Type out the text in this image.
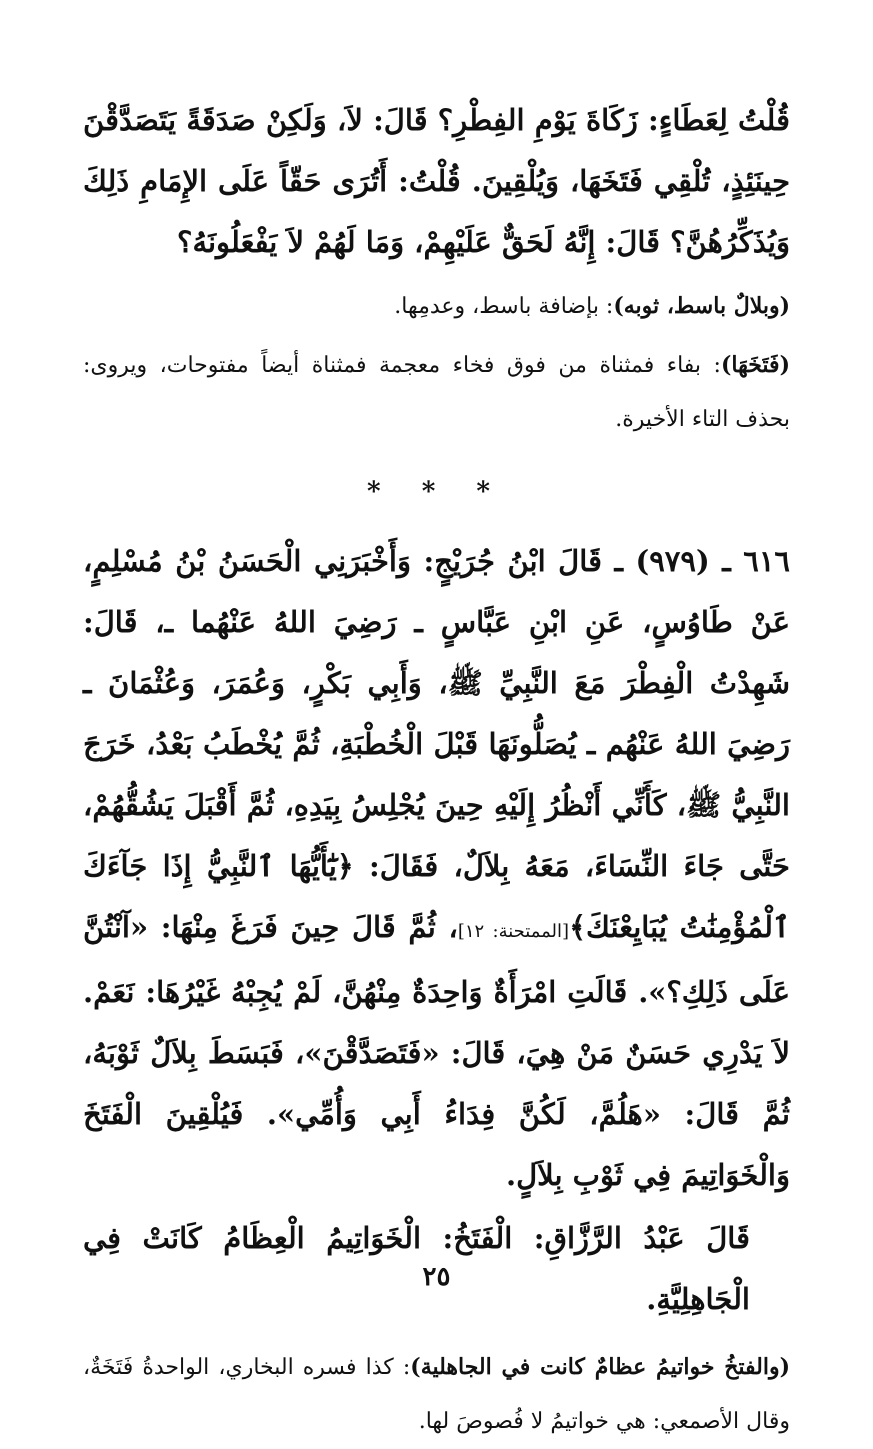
قُلْتُ لِعَطَاءٍ: زَكَاةَ يَوْمِ الفِطْرِ؟ قَالَ: لاَ، وَلَكِنْ صَدَقَةً يَتَصَدَّقْنَ حِينَئِذٍ، تُلْقِي فَتَخَهَا، وَيُلْقِينَ. قُلْتُ: أَتُرَى حَقّاً عَلَى الإِمَامِ ذَلِكَ وَيُذَكِّرُهُنَّ؟ قَالَ: إِنَّهُ لَحَقٌّ عَلَيْهِمْ، وَمَا لَهُمْ لاَ يَفْعَلُونَهُ؟

(وبلالٌ باسط، ثوبه): بإضافة باسط، وعدمِها.

(فَتَخَهَا): بفاء فمثناة من فوق فخاء معجمة فمثناة أيضاً مفتوحات، ويروى: بحذف التاء الأخيرة.

* * *

٦١٦ ـ (٩٧٩) ـ قَالَ ابْنُ جُرَيْجٍ: وَأَخْبَرَنِي الْحَسَنُ بْنُ مُسْلِمٍ، عَنْ طَاوُسٍ، عَنِ ابْنِ عَبَّاسٍ ـ رَضِيَ اللهُ عَنْهُما ـ، قَالَ: شَهِدْتُ الْفِطْرَ مَعَ النَّبِيِّ ﷺ، وَأَبِي بَكْرٍ، وَعُمَرَ، وَعُثْمَانَ ـ رَضِيَ اللهُ عَنْهُم ـ يُصَلُّونَهَا قَبْلَ الْخُطْبَةِ، ثُمَّ يُخْطَبُ بَعْدُ، خَرَجَ النَّبِيُّ ﷺ، كَأَنِّي أَنْظُرُ إِلَيْهِ حِينَ يُجْلِسُ بِيَدِهِ، ثُمَّ أَقْبَلَ يَشُقُّهُمْ، حَتَّى جَاءَ النِّسَاءَ، مَعَهُ بِلاَلٌ، فَقَالَ: ﴿يَٰٓأَيُّهَا ٱلنَّبِيُّ إِذَا جَآءَكَ ٱلْمُؤْمِنَٰتُ يُبَايِعْنَكَ﴾[الممتحنة: ١٢]، ثُمَّ قَالَ حِينَ فَرَغَ مِنْهَا: «آنْتُنَّ عَلَى ذَلِكِ؟». قَالَتِ امْرَأَةٌ وَاحِدَةٌ مِنْهُنَّ، لَمْ يُجِبْهُ غَيْرُهَا: نَعَمْ. لاَ يَدْرِي حَسَنٌ مَنْ هِيَ، قَالَ: «فَتَصَدَّقْنَ»، فَبَسَطَ بِلاَلٌ ثَوْبَهُ، ثُمَّ قَالَ: «هَلُمَّ، لَكُنَّ فِدَاءُ أَبِي وَأُمِّي». فَيُلْقِينَ الْفَتَخَ وَالْخَوَاتِيمَ فِي ثَوْبِ بِلاَلٍ.

قَالَ عَبْدُ الرَّزَّاقِ: الْفَتَخُ: الْخَوَاتِيمُ الْعِظَامُ كَانَتْ فِي الْجَاهِلِيَّةِ.

(والفتخُ خواتيمُ عظامٌ كانت في الجاهلية): كذا فسره البخاري، الواحدةُ فَتَخَةٌ، وقال الأصمعي: هي خواتيمُ لا فُصوصَ لها.

٢٥
